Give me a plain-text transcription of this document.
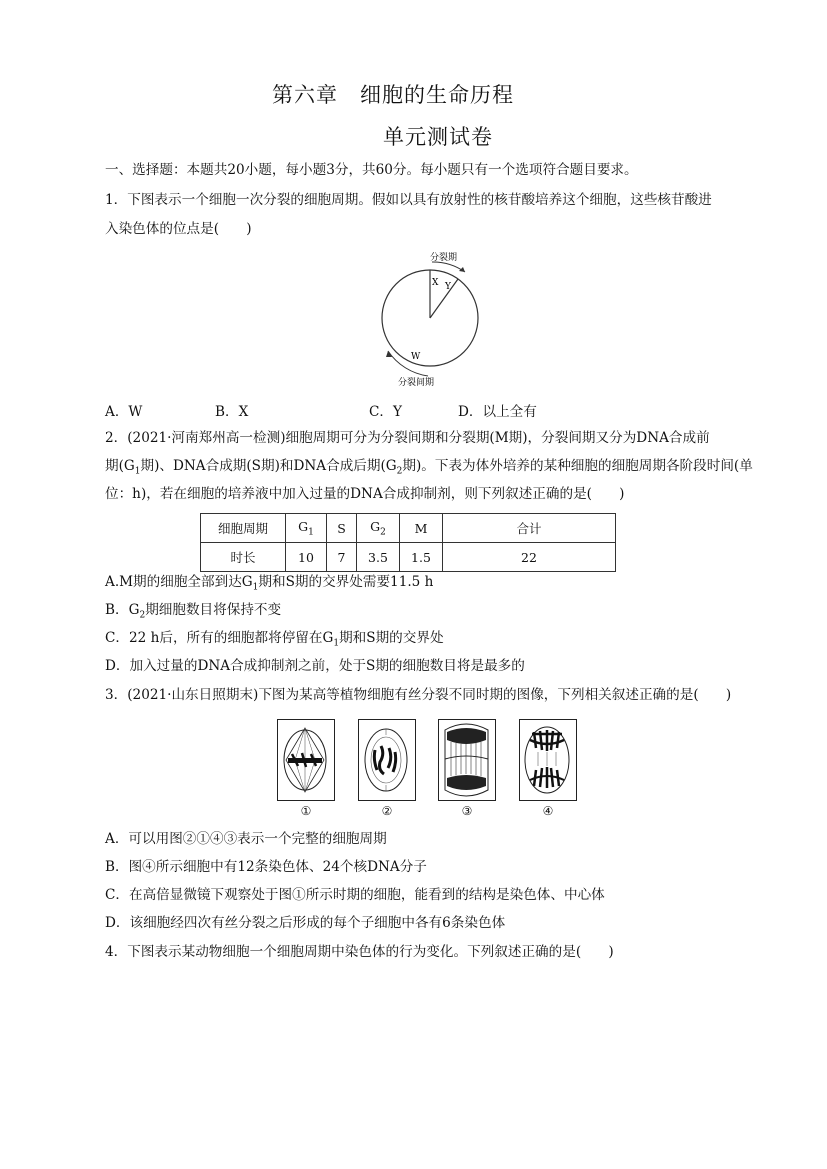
第六章　细胞的生命历程
单元测试卷
一、选择题：本题共20小题，每小题3分，共60分。每小题只有一个选项符合题目要求。
1．下图表示一个细胞一次分裂的细胞周期。假如以具有放射性的核苷酸培养这个细胞，这些核苷酸进
入染色体的位点是(　　)
分裂期
X Y
W
分裂间期
A．W	B．X	C．Y	D．以上全有
2．(2021·河南郑州高一检测)细胞周期可分为分裂间期和分裂期(M期)，分裂间期又分为DNA合成前
期($G_1$期)、DNA合成期(S期)和DNA合成后期($G_2$期)。下表为体外培养的某种细胞的细胞周期各阶段时间(单
位：h)，若在细胞的培养液中加入过量的DNA合成抑制剂，则下列叙述正确的是(　　)
细胞周期	$G_1$	S	$G_2$	M	合计
时长	10	7	3.5	1.5	22
A.M期的细胞全部到达$G_1$期和S期的交界处需要11.5 h
B．$G_2$期细胞数目将保持不变
C．22 h后，所有的细胞都将停留在$G_1$期和S期的交界处
D．加入过量的DNA合成抑制剂之前，处于S期的细胞数目将是最多的
3．(2021·山东日照期末)下图为某高等植物细胞有丝分裂不同时期的图像，下列相关叙述正确的是(　　)
①	②	③	④
A．可以用图②①④③表示一个完整的细胞周期
B．图④所示细胞中有12条染色体、24个核DNA分子
C．在高倍显微镜下观察处于图①所示时期的细胞，能看到的结构是染色体、中心体
D．该细胞经四次有丝分裂之后形成的每个子细胞中各有6条染色体
4．下图表示某动物细胞一个细胞周期中染色体的行为变化。下列叙述正确的是(　　)
